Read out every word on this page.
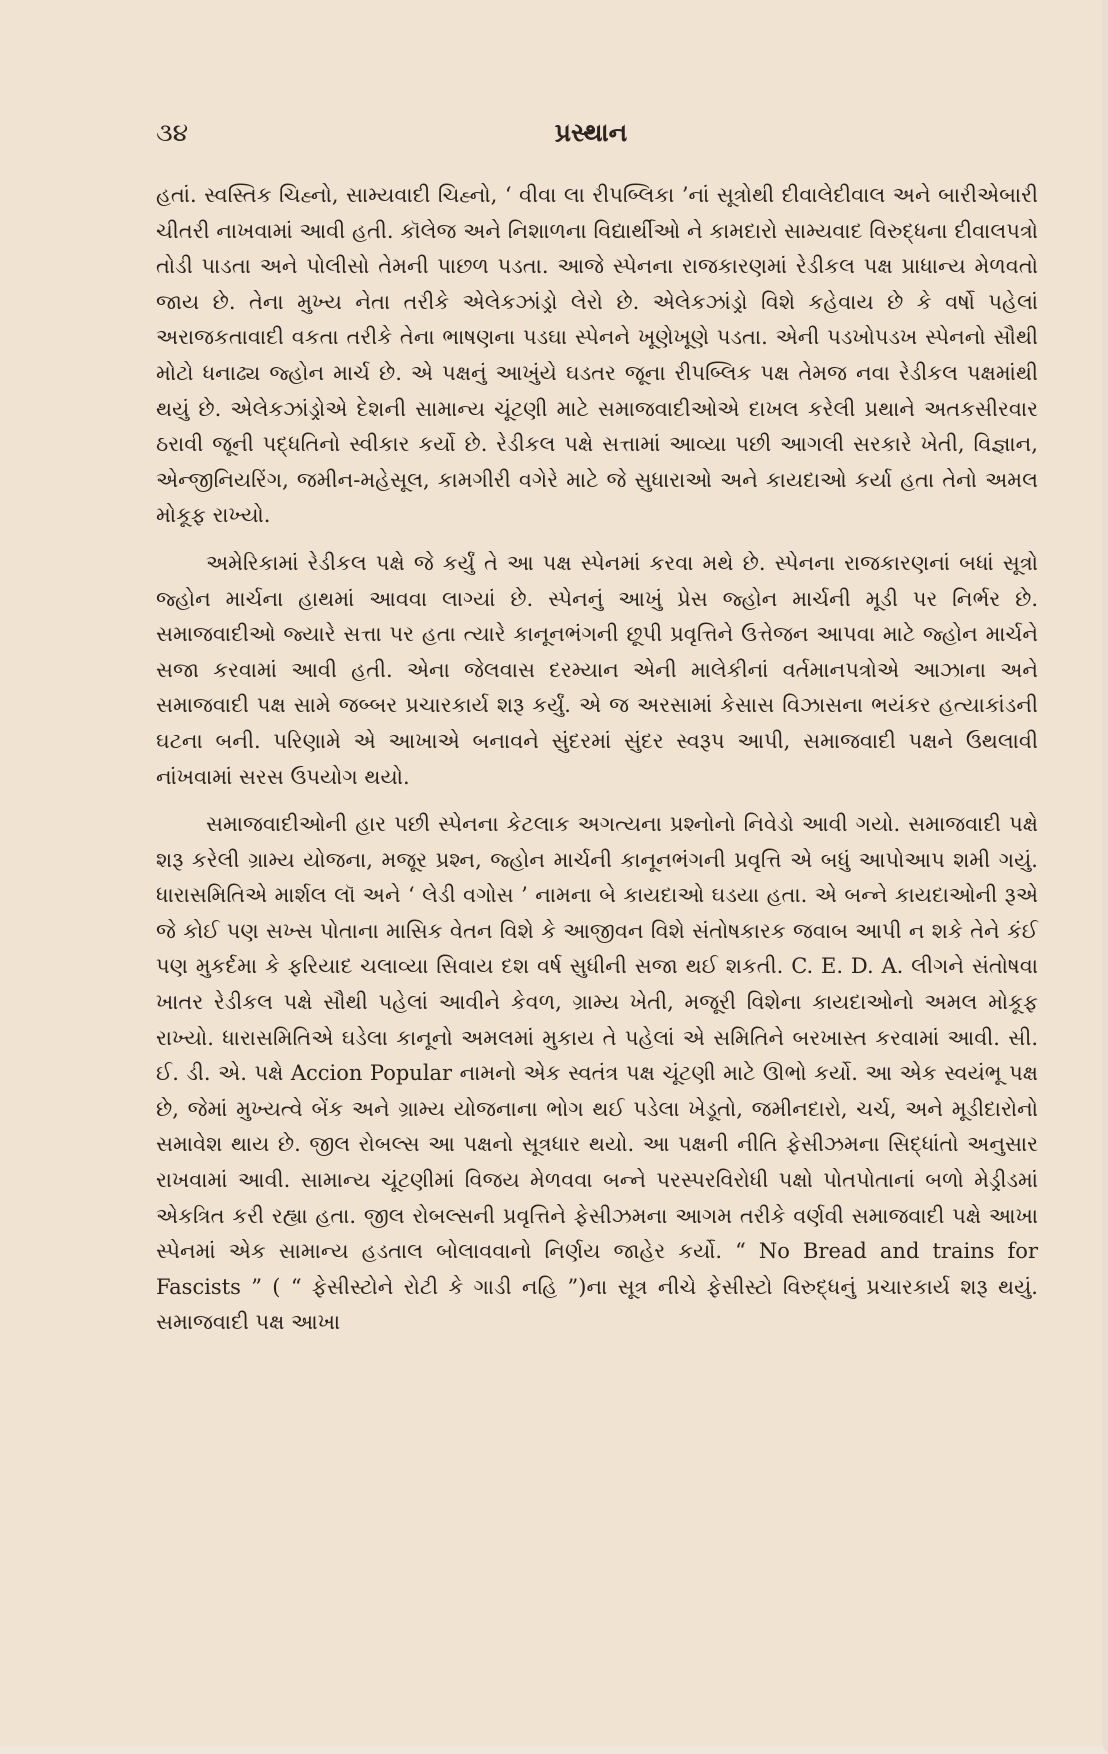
૩૪	પ્રસ્થાન

હતાં. સ્વસ્તિક ચિહ્નો, સામ્યવાદી ચિહ્નો, ‘ વીવા લા રીપબ્લિકા ’નાં સૂત્રોથી દીવાલેદીવાલ અને બારીએબારી ચીતરી નાખવામાં આવી હતી. કૉલેજ અને નિશાળના વિદ્યાર્થીઓ ને કામદારો સામ્યવાદ વિરુદ્ધના દીવાલપત્રો તોડી પાડતા અને પોલીસો તેમની પાછળ પડતા. આજે સ્પેનના રાજકારણમાં રેડીકલ પક્ષ પ્રાધાન્ય મેળવતો જાય છે. તેના મુખ્ય નેતા તરીકે એલેકઝાંડ્રો લેરો છે. એલેકઝાંડ્રો વિશે કહેવાય છે કે વર્ષો પહેલાં અરાજકતાવાદી વકતા તરીકે તેના ભાષણના પડઘા સ્પેનને ખૂણેખૂણે પડતા. એની પડખોપડખ સ્પેનનો સૌથી મોટો ધનાઢ્ય જ્હોન માર્ચ છે. એ પક્ષનું આખુંયે ઘડતર જૂના રીપબ્લિક પક્ષ તેમજ નવા રેડીકલ પક્ષમાંથી થયું છે. એલેકઝાંડ્રોએ દેશની સામાન્ય ચૂંટણી માટે સમાજવાદીઓએ દાખલ કરેલી પ્રથાને અતકસીરવાર ઠરાવી જૂની પદ્ધતિનો સ્વીકાર કર્યો છે. રેડીકલ પક્ષે સત્તામાં આવ્યા પછી આગલી સરકારે ખેતી, વિજ્ઞાન, એન્જીનિયરિંગ, જમીન-મહેસૂલ, કામગીરી વગેરે માટે જે સુધારાઓ અને કાયદાઓ કર્યા હતા તેનો અમલ મોકૂફ રાખ્યો.

અમેરિકામાં રેડીકલ પક્ષે જે કર્યું તે આ પક્ષ સ્પેનમાં કરવા મથે છે. સ્પેનના રાજકારણનાં બધાં સૂત્રો જ્હોન માર્ચના હાથમાં આવવા લાગ્યાં છે. સ્પેનનું આખું પ્રેસ જ્હોન માર્ચની મૂડી પર નિર્ભર છે. સમાજવાદીઓ જ્યારે સત્તા પર હતા ત્યારે કાનૂનભંગની છૂપી પ્રવૃત્તિને ઉત્તેજન આપવા માટે જ્હોન માર્ચને સજા કરવામાં આવી હતી. એના જેલવાસ દરમ્યાન એની માલેકીનાં વર્તમાનપત્રોએ આઝાના અને સમાજવાદી પક્ષ સામે જબ્બર પ્રચારકાર્ય શરૂ કર્યું. એ જ અરસામાં કેસાસ વિઝાસના ભયંકર હત્યાકાંડની ઘટના બની. પરિણામે એ આખાએ બનાવને સુંદરમાં સુંદર સ્વરૂપ આપી, સમાજવાદી પક્ષને ઉથલાવી નાંખવામાં સરસ ઉપયોગ થયો.

સમાજવાદીઓની હાર પછી સ્પેનના કેટલાક અગત્યના પ્રશ્નોનો નિવેડો આવી ગયો. સમાજવાદી પક્ષે શરૂ કરેલી ગ્રામ્ય યોજના, મજૂર પ્રશ્ન, જ્હોન માર્ચની કાનૂનભંગની પ્રવૃત્તિ એ બધું આપોઆપ શમી ગયું. ધારાસમિતિએ માર્શલ લૉ અને ‘ લેડી વગોસ ’ નામના બે કાયદાઓ ઘડયા હતા. એ બન્ને કાયદાઓની રૂએ જે કોઈ પણ સખ્સ પોતાના માસિક વેતન વિશે કે આજીવન વિશે સંતોષકારક જવાબ આપી ન શકે તેને કંઈ પણ મુકર્દમા કે ફરિયાદ ચલાવ્યા સિવાય દશ વર્ષ સુધીની સજા થઈ શકતી. C. E. D. A. લીગને સંતોષવા ખાતર રેડીકલ પક્ષે સૌથી પહેલાં આવીને કેવળ, ગ્રામ્ય ખેતી, મજૂરી વિશેના કાયદાઓનો અમલ મોકૂફ રાખ્યો. ધારાસમિતિએ ઘડેલા કાનૂનો અમલમાં મુકાય તે પહેલાં એ સમિતિને બરખાસ્ત કરવામાં આવી. સી. ઈ. ડી. એ. પક્ષે Accion Popular નામનો એક સ્વતંત્ર પક્ષ ચૂંટણી માટે ઊભો કર્યો. આ એક સ્વયંભૂ પક્ષ છે, જેમાં મુખ્યત્વે બેંક અને ગ્રામ્ય યોજનાના ભોગ થઈ પડેલા ખેડૂતો, જમીનદારો, ચર્ચ, અને મૂડીદારોનો સમાવેશ થાય છે. જીલ રોબલ્સ આ પક્ષનો સૂત્રધાર થયો. આ પક્ષની નીતિ ફેસીઝમના સિદ્ધાંતો અનુસાર રાખવામાં આવી. સામાન્ય ચૂંટણીમાં વિજય મેળવવા બન્ને પરસ્પરવિરોધી પક્ષો પોતપોતાનાં બળો મેડ્રીડમાં એકત્રિત કરી રહ્યા હતા. જીલ રોબલ્સની પ્રવૃત્તિને ફેસીઝમના આગમ તરીકે વર્ણવી સમાજવાદી પક્ષે આખા સ્પેનમાં એક સામાન્ય હડતાલ બોલાવવાનો નિર્ણય જાહેર કર્યો. “ No Bread and trains for Fascists ” ( “ ફેસીસ્ટોને રોટી કે ગાડી નહિ ”)ના સૂત્ર નીચે ફેસીસ્ટો વિરુદ્ધનું પ્રચારકાર્ય શરૂ થયું. સમાજવાદી પક્ષ આખા
